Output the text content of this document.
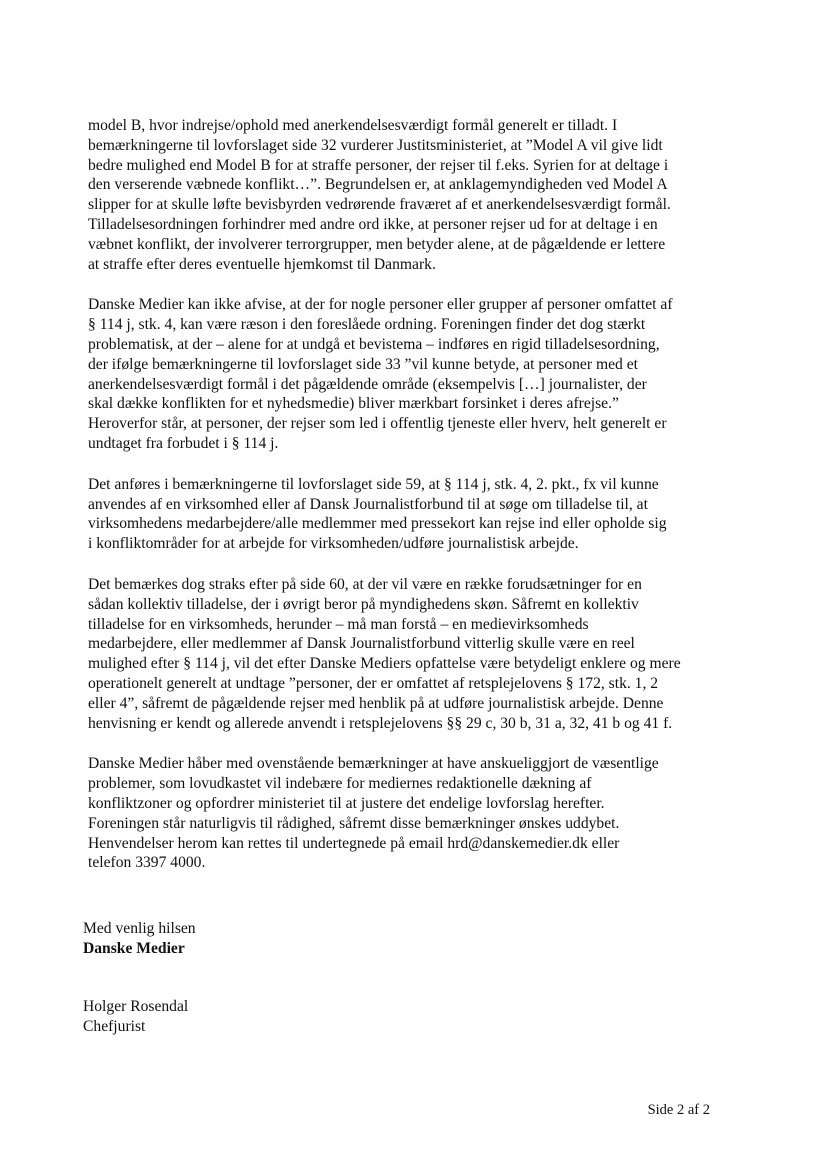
model B, hvor indrejse/ophold med anerkendelsesværdigt formål generelt er tilladt. I
bemærkningerne til lovforslaget side 32 vurderer Justitsministeriet, at ”Model A vil give lidt
bedre mulighed end Model B for at straffe personer, der rejser til f.eks. Syrien for at deltage i
den verserende væbnede konflikt…”. Begrundelsen er, at anklagemyndigheden ved Model A
slipper for at skulle løfte bevisbyrden vedrørende fraværet af et anerkendelsesværdigt formål.
Tilladelsesordningen forhindrer med andre ord ikke, at personer rejser ud for at deltage i en
væbnet konflikt, der involverer terrorgrupper, men betyder alene, at de pågældende er lettere
at straffe efter deres eventuelle hjemkomst til Danmark.

Danske Medier kan ikke afvise, at der for nogle personer eller grupper af personer omfattet af
§ 114 j, stk. 4, kan være ræson i den foreslåede ordning. Foreningen finder det dog stærkt
problematisk, at der – alene for at undgå et bevistema – indføres en rigid tilladelsesordning,
der ifølge bemærkningerne til lovforslaget side 33 ”vil kunne betyde, at personer med et
anerkendelsesværdigt formål i det pågældende område (eksempelvis […] journalister, der
skal dække konflikten for et nyhedsmedie) bliver mærkbart forsinket i deres afrejse.”
Heroverfor står, at personer, der rejser som led i offentlig tjeneste eller hverv, helt generelt er
undtaget fra forbudet i § 114 j.

Det anføres i bemærkningerne til lovforslaget side 59, at § 114 j, stk. 4, 2. pkt., fx vil kunne
anvendes af en virksomhed eller af Dansk Journalistforbund til at søge om tilladelse til, at
virksomhedens medarbejdere/alle medlemmer med pressekort kan rejse ind eller opholde sig
i konfliktområder for at arbejde for virksomheden/udføre journalistisk arbejde.

Det bemærkes dog straks efter på side 60, at der vil være en række forudsætninger for en
sådan kollektiv tilladelse, der i øvrigt beror på myndighedens skøn. Såfremt en kollektiv
tilladelse for en virksomheds, herunder – må man forstå – en medievirksomheds
medarbejdere, eller medlemmer af Dansk Journalistforbund vitterlig skulle være en reel
mulighed efter § 114 j, vil det efter Danske Mediers opfattelse være betydeligt enklere og mere
operationelt generelt at undtage ”personer, der er omfattet af retsplejelovens § 172, stk. 1, 2
eller 4”, såfremt de pågældende rejser med henblik på at udføre journalistisk arbejde. Denne
henvisning er kendt og allerede anvendt i retsplejelovens §§ 29 c, 30 b, 31 a, 32, 41 b og 41 f.

Danske Medier håber med ovenstående bemærkninger at have anskueliggjort de væsentlige
problemer, som lovudkastet vil indebære for mediernes redaktionelle dækning af
konfliktzoner og opfordrer ministeriet til at justere det endelige lovforslag herefter.
Foreningen står naturligvis til rådighed, såfremt disse bemærkninger ønskes uddybet.
Henvendelser herom kan rettes til undertegnede på email hrd@danskemedier.dk eller
telefon 3397 4000.

Med venlig hilsen
Danske Medier
Holger Rosendal
Chefjurist
Side 2 af 2
